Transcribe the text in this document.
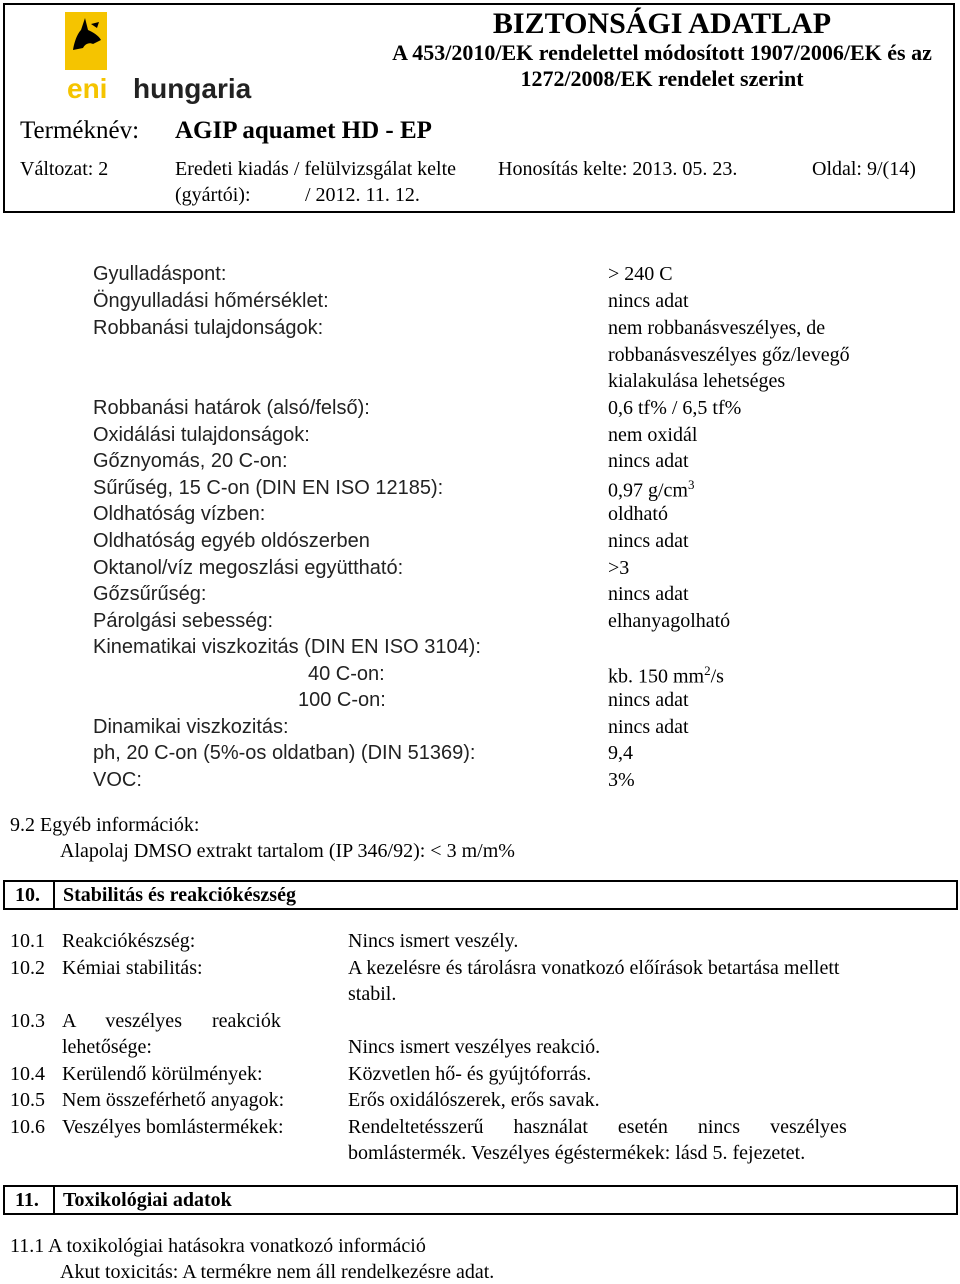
eni hungaria
BIZTONSÁGI ADATLAP
A 453/2010/EK rendelettel módosított 1907/2006/EK és az
1272/2008/EK rendelet szerint
Terméknév: AGIP aquamet HD - EP
Változat: 2	Eredeti kiadás / felülvizsgálat kelte
(gyártói):	/ 2012. 11. 12.
Honosítás kelte: 2013. 05. 23.	Oldal: 9/(14)
Gyulladáspont:	> 240 C
Öngyulladási hőmérséklet:	nincs adat
Robbanási tulajdonságok:	nem robbanásveszélyes, de
robbanásveszélyes gőz/levegő
kialakulása lehetséges
Robbanási határok (alsó/felső):	0,6 tf% / 6,5 tf%
Oxidálási tulajdonságok:	nem oxidál
Gőznyomás, 20 C-on:	nincs adat
Sűrűség, 15 C-on (DIN EN ISO 12185):	0,97 $g/cm^3$
Oldhatóság vízben:	oldható
Oldhatóság egyéb oldószerben	nincs adat
Oktanol/víz megoszlási együttható:	>3
Gőzsűrűség:	nincs adat
Párolgási sebesség:	elhanyagolható
Kinematikai viszkozitás (DIN EN ISO 3104):
40 C-on:	kb. 150 $mm^2/s$
100 C-on:	nincs adat
Dinamikai viszkozitás:	nincs adat
ph, 20 C-on (5%-os oldatban) (DIN 51369):	9,4
VOC:	3%
9.2 Egyéb információk:
Alapolaj DMSO extrakt tartalom (IP 346/92): < 3 m/m%
10. Stabilitás és reakciókészség
10.1 Reakciókészség:	Nincs ismert veszély.
10.2 Kémiai stabilitás:	A kezelésre és tárolásra vonatkozó előírások betartása mellett
stabil.
10.3 A      veszélyes      reakciók
lehetősége:	Nincs ismert veszélyes reakció.
10.4 Kerülendő körülmények:	Közvetlen hő- és gyújtóforrás.
10.5 Nem összeférhető anyagok:	Erős oxidálószerek, erős savak.
10.6 Veszélyes bomlástermékek:	Rendeltetésszerű      használat      esetén      nincs      veszélyes
bomlástermék. Veszélyes égéstermékek: lásd 5. fejezetet.
11. Toxikológiai adatok
11.1 A toxikológiai hatásokra vonatkozó információ
Akut toxicitás: A termékre nem áll rendelkezésre adat.
